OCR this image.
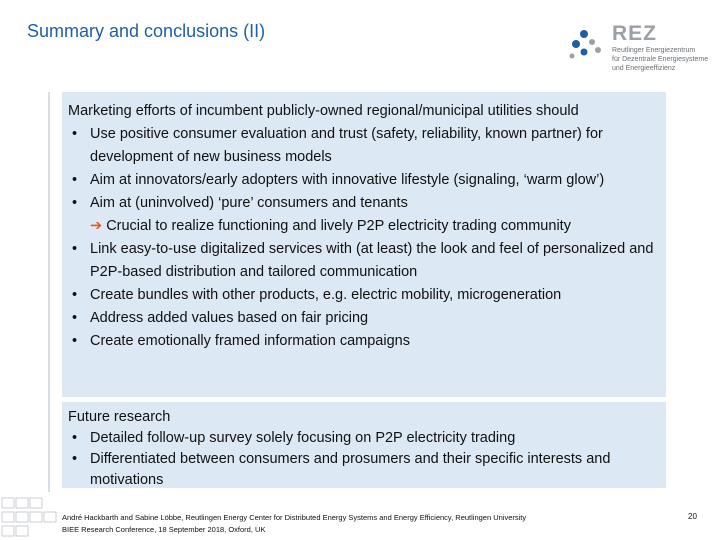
Summary and conclusions (II)	REZ
Reutlinger Energiezentrum
für Dezentrale Energiesysteme
und Energieeffizienz
Marketing efforts of incumbent publicly-owned regional/municipal utilities should
• Use positive consumer evaluation and trust (safety, reliability, known partner) for development of new business models
• Aim at innovators/early adopters with innovative lifestyle (signaling, ‘warm glow’)
• Aim at (uninvolved) ‘pure’ consumers and tenants
➔ Crucial to realize functioning and lively P2P electricity trading community
• Link easy-to-use digitalized services with (at least) the look and feel of personalized and P2P-based distribution and tailored communication
• Create bundles with other products, e.g. electric mobility, microgeneration
• Address added values based on fair pricing
• Create emotionally framed information campaigns
Future research
• Detailed follow-up survey solely focusing on P2P electricity trading
• Differentiated between consumers and prosumers and their specific interests and motivations
André Hackbarth and Sabine Löbbe, Reutlingen Energy Center for Distributed Energy Systems and Energy Efficiency, Reutlingen University
BIEE Research Conference, 18 September 2018, Oxford, UK
20
